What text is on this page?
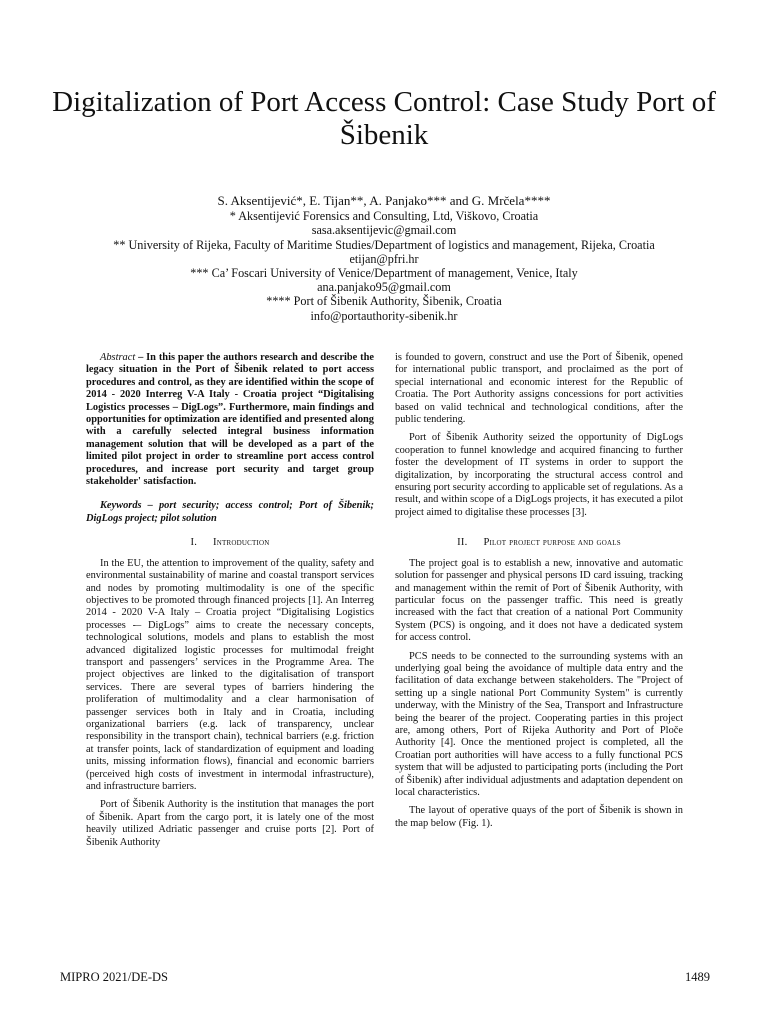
Digitalization of Port Access Control: Case Study Port of Šibenik
S. Aksentijević*, E. Tijan**, A. Panjako*** and G. Mrčela****
* Aksentijević Forensics and Consulting, Ltd, Viškovo, Croatia
sasa.aksentijevic@gmail.com
** University of Rijeka, Faculty of Maritime Studies/Department of logistics and management, Rijeka, Croatia
etijan@pfri.hr
*** Ca’ Foscari University of Venice/Department of management, Venice, Italy
ana.panjako95@gmail.com
**** Port of Šibenik Authority, Šibenik, Croatia
info@portauthority-sibenik.hr

Abstract – In this paper the authors research and describe the legacy situation in the Port of Šibenik related to port access procedures and control, as they are identified within the scope of 2014 - 2020 Interreg V-A Italy - Croatia project “Digitalising Logistics processes – DigLogs”. Furthermore, main findings and opportunities for optimization are identified and presented along with a carefully selected integral business information management solution that will be developed as a part of the limited pilot project in order to streamline port access control procedures, and increase port security and target group stakeholder' satisfaction.

Keywords – port security; access control; Port of Šibenik; DigLogs project; pilot solution

I. Introduction

In the EU, the attention to improvement of the quality, safety and environmental sustainability of marine and coastal transport services and nodes by promoting multimodality is one of the specific objectives to be promoted through financed projects [1]. An Interreg 2014 - 2020 V-A Italy – Croatia project “Digitalising Logistics processes -– DigLogs” aims to create the necessary concepts, technological solutions, models and plans to establish the most advanced digitalized logistic processes for multimodal freight transport and passengers’ services in the Programme Area. The project objectives are linked to the digitalisation of transport services. There are several types of barriers hindering the proliferation of multimodality and a clear harmonisation of passenger services both in Italy and in Croatia, including organizational barriers (e.g. lack of transparency, unclear responsibility in the transport chain), technical barriers (e.g. friction at transfer points, lack of standardization of equipment and loading units, missing information flows), financial and economic barriers (perceived high costs of investment in intermodal infrastructure), and infrastructure barriers.

Port of Šibenik Authority is the institution that manages the port of Šibenik. Apart from the cargo port, it is lately one of the most heavily utilized Adriatic passenger and cruise ports [2]. Port of Šibenik Authority

is founded to govern, construct and use the Port of Šibenik, opened for international public transport, and proclaimed as the port of special international and economic interest for the Republic of Croatia. The Port Authority assigns concessions for port activities based on valid technical and technological conditions, after the public tendering.

Port of Šibenik Authority seized the opportunity of DigLogs cooperation to funnel knowledge and acquired financing to further foster the development of IT systems in order to support the digitalization, by incorporating the structural access control and ensuring port security according to applicable set of regulations. As a result, and within scope of a DigLogs projects, it has executed a pilot project aimed to digitalise these processes [3].

II. Pilot project purpose and goals

The project goal is to establish a new, innovative and automatic solution for passenger and physical persons ID card issuing, tracking and management within the remit of Port of Šibenik Authority, with particular focus on the passenger traffic. This need is greatly increased with the fact that creation of a national Port Community System (PCS) is ongoing, and it does not have a dedicated system for access control.

PCS needs to be connected to the surrounding systems with an underlying goal being the avoidance of multiple data entry and the facilitation of data exchange between stakeholders. The "Project of setting up a single national Port Community System" is currently underway, with the Ministry of the Sea, Transport and Infrastructure being the bearer of the project. Cooperating parties in this project are, among others, Port of Rijeka Authority and Port of Ploče Authority [4]. Once the mentioned project is completed, all the Croatian port authorities will have access to a fully functional PCS system that will be adjusted to participating ports (including the Port of Šibenik) after individual adjustments and adaptation dependent on local characteristics.

The layout of operative quays of the port of Šibenik is shown in the map below (Fig. 1).

MIPRO 2021/DE-DS	1489
